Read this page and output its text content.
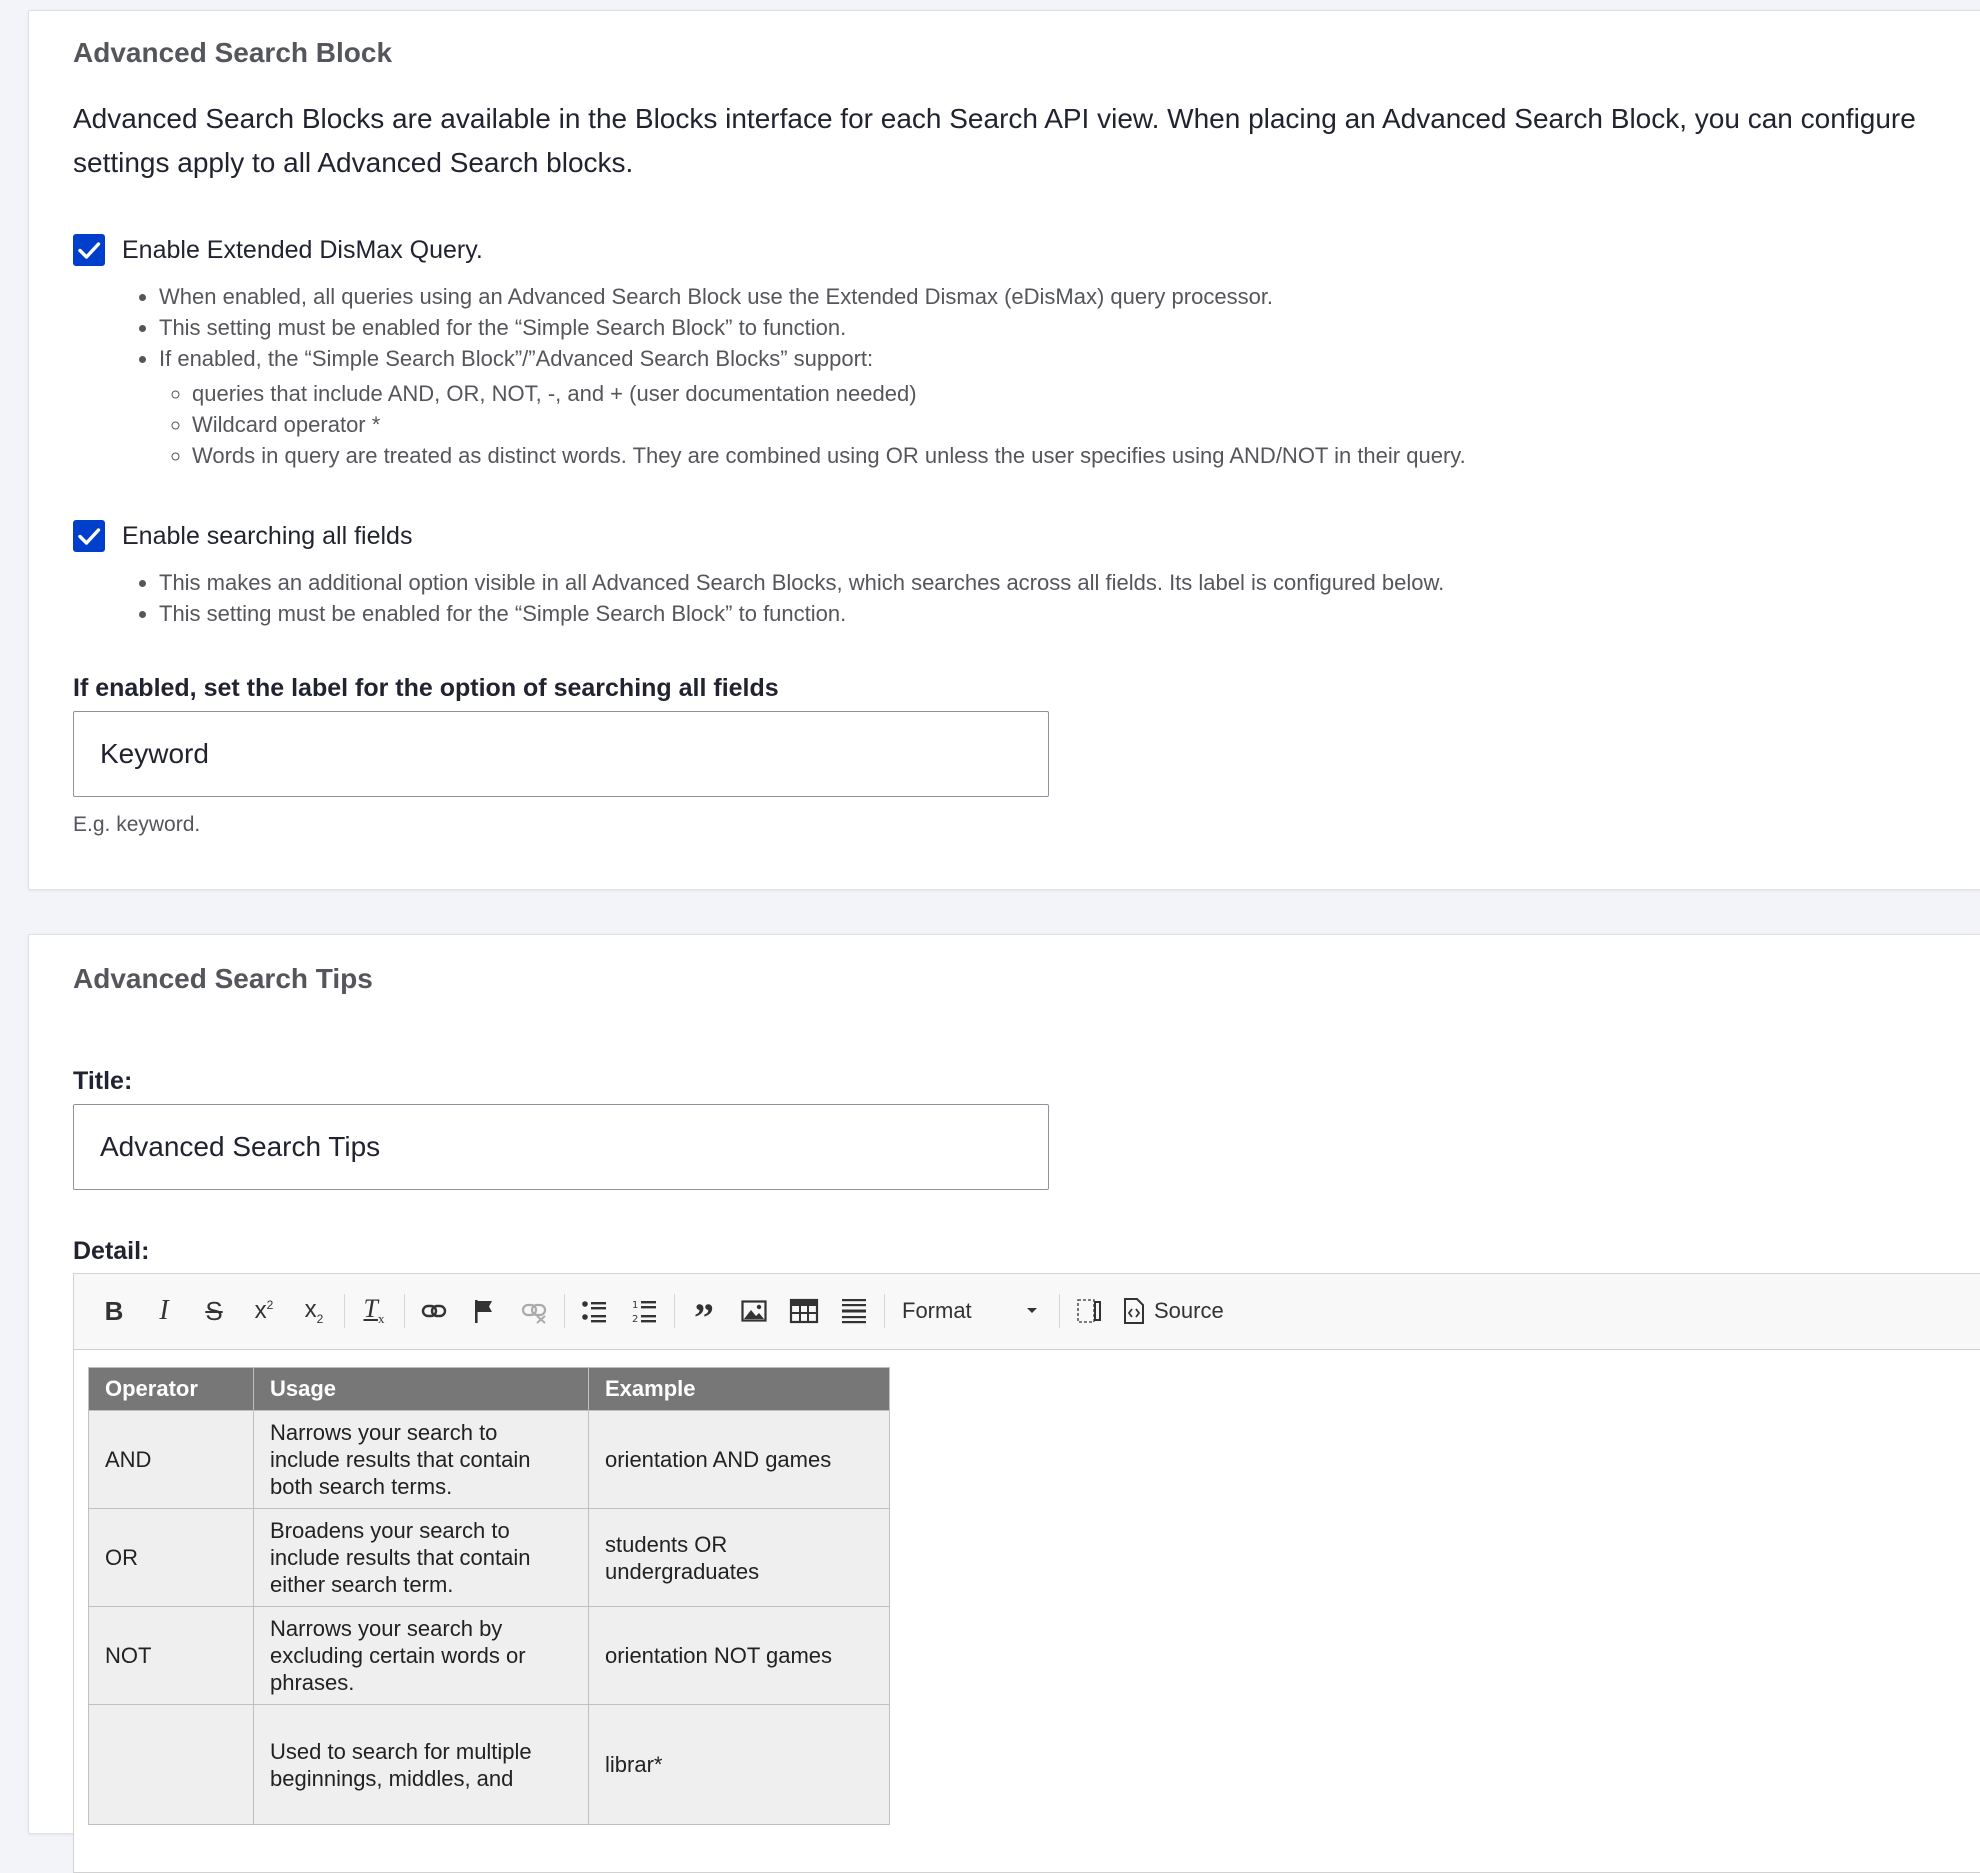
Advanced Search Block
Advanced Search Blocks are available in the Blocks interface for each Search API view. When placing an Advanced Search Block, you can configure
settings apply to all Advanced Search blocks.
Enable Extended DisMax Query.
• When enabled, all queries using an Advanced Search Block use the Extended Dismax (eDisMax) query processor.
• This setting must be enabled for the “Simple Search Block” to function.
• If enabled, the “Simple Search Block”/”Advanced Search Blocks” support:
◦ queries that include AND, OR, NOT, -, and + (user documentation needed)
◦ Wildcard operator *
◦ Words in query are treated as distinct words. They are combined using OR unless the user specifies using AND/NOT in their query.
Enable searching all fields
• This makes an additional option visible in all Advanced Search Blocks, which searches across all fields. Its label is configured below.
• This setting must be enabled for the “Simple Search Block” to function.
If enabled, set the label for the option of searching all fields
Keyword
E.g. keyword.
Advanced Search Tips
Title:
Advanced Search Tips
Detail:
B I S $x^2$ $x_2$ $T_x$
1
2 ”	Format	Source
Operator	Usage	Example
AND	Narrows your search to include results that contain both search terms.	orientation AND games
OR	Broadens your search to include results that contain either search term.	students OR undergraduates
NOT	Narrows your search by excluding certain words or phrases.	orientation NOT games
	Used to search for multiple beginnings, middles, and	librar*
